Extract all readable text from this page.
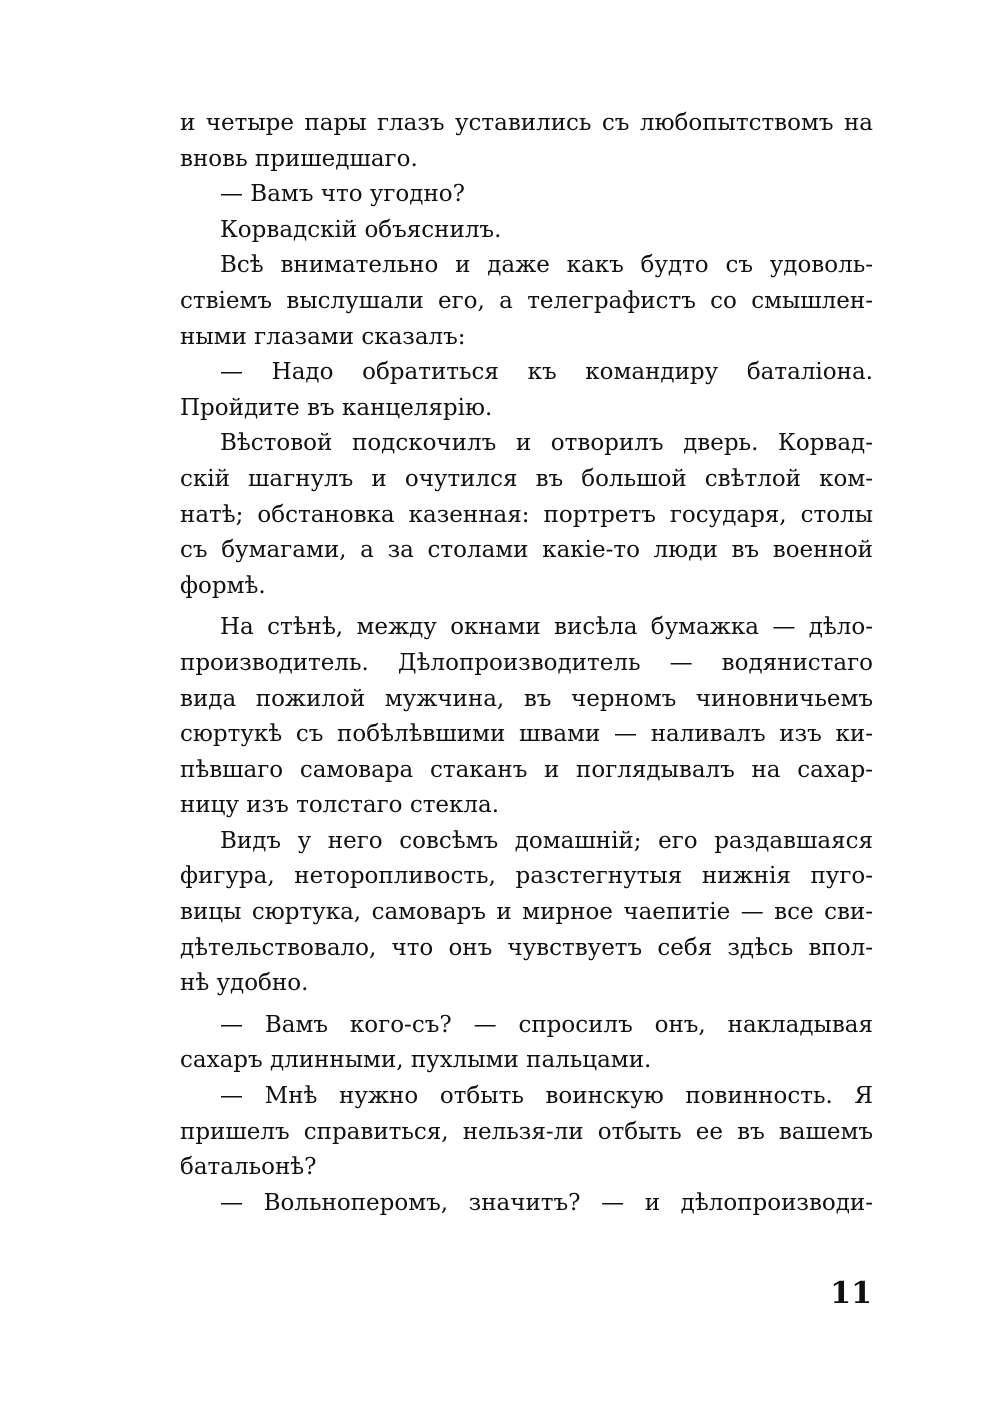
и четыре пары глазъ уставились съ любопытствомъ на
вновь пришедшаго.
— Вамъ что угодно?
Корвадскій объяснилъ.
Всѣ внимательно и даже какъ будто съ удоволь-
ствіемъ выслушали его, а телеграфистъ со смышлен-
ными глазами сказалъ:
— Надо обратиться къ командиру баталіона.
Пройдите въ канцелярію.
Вѣстовой подскочилъ и отворилъ дверь. Корвад-
скій шагнулъ и очутился въ большой свѣтлой ком-
натѣ; обстановка казенная: портретъ государя, столы
съ бумагами, а за столами какіе-то люди въ военной
формѣ.
На стѣнѣ, между окнами висѣла бумажка — дѣло-
производитель. Дѣлопроизводитель — водянистаго
вида пожилой мужчина, въ черномъ чиновничьемъ
сюртукѣ съ побѣлѣвшими швами — наливалъ изъ ки-
пѣвшаго самовара стаканъ и поглядывалъ на сахар-
ницу изъ толстаго стекла.
Видъ у него совсѣмъ домашній; его раздавшаяся
фигура, неторопливость, разстегнутыя нижнія пуго-
вицы сюртука, самоваръ и мирное чаепитіе — все сви-
дѣтельствовало, что онъ чувствуетъ себя здѣсь впол-
нѣ удобно.
— Вамъ кого-съ? — спросилъ онъ, накладывая
сахаръ длинными, пухлыми пальцами.
— Мнѣ нужно отбыть воинскую повинность. Я
пришелъ справиться, нельзя-ли отбыть ее въ вашемъ
батальонѣ?
— Вольноперомъ, значитъ? — и дѣлопроизводи-
11
